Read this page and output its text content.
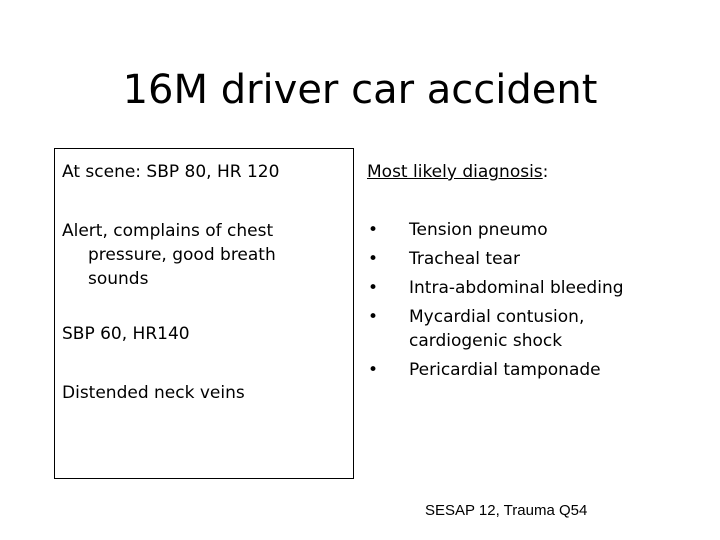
16M driver car accident

At scene: SBP 80, HR 120

Alert, complains of chest pressure, good breath sounds

SBP 60, HR140

Distended neck veins

Most likely diagnosis:

• Tension pneumo
• Tracheal tear
• Intra-abdominal bleeding
• Mycardial contusion, cardiogenic shock
• Pericardial tamponade
SESAP 12, Trauma Q54
